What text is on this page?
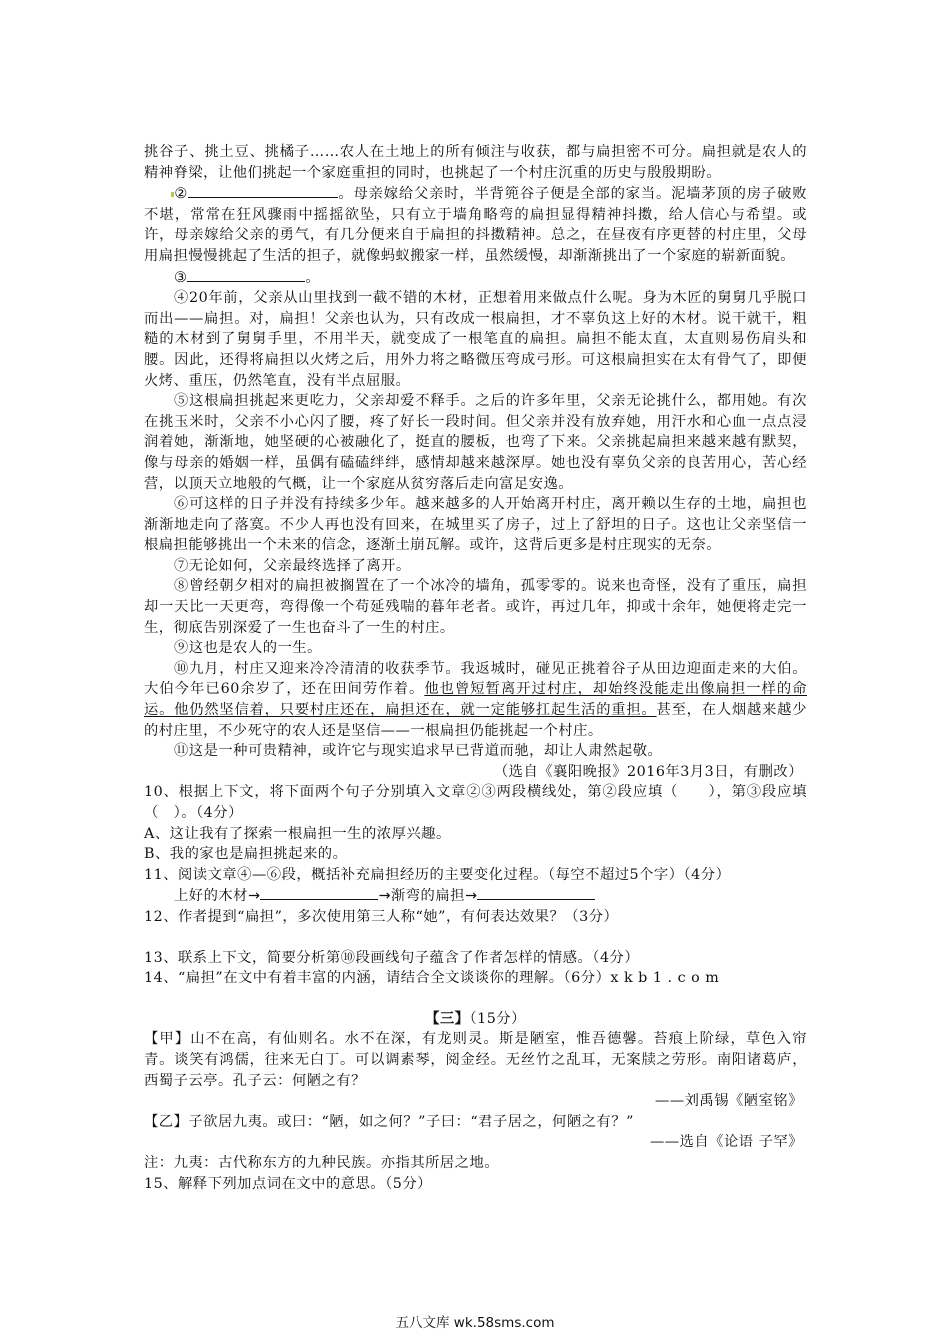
挑谷子、挑土豆、挑橘子……农人在土地上的所有倾注与收获，都与扁担密不可分。扁担就是农人的精神脊梁，让他们挑起一个家庭重担的同时，也挑起了一个村庄沉重的历史与殷殷期盼。

②	。母亲嫁给父亲时，半背篼谷子便是全部的家当。泥墙茅顶的房子破败不堪，常常在狂风骤雨中摇摇欲坠，只有立于墙角略弯的扁担显得精神抖擞，给人信心与希望。或许，母亲嫁给父亲的勇气，有几分便来自于扁担的抖擞精神。总之，在昼夜有序更替的村庄里，父母用扁担慢慢挑起了生活的担子，就像蚂蚁搬家一样，虽然缓慢，却渐渐挑出了一个家庭的崭新面貌。

③	。

④20年前，父亲从山里找到一截不错的木材，正想着用来做点什么呢。身为木匠的舅舅几乎脱口而出——扁担。对，扁担！父亲也认为，只有改成一根扁担，才不辜负这上好的木材。说干就干，粗糙的木材到了舅舅手里，不用半天，就变成了一根笔直的扁担。扁担不能太直，太直则易伤肩头和腰。因此，还得将扁担以火烤之后，用外力将之略微压弯成弓形。可这根扁担实在太有骨气了，即便火烤、重压，仍然笔直，没有半点屈服。

⑤这根扁担挑起来更吃力，父亲却爱不释手。之后的许多年里，父亲无论挑什么，都用她。有次在挑玉米时，父亲不小心闪了腰，疼了好长一段时间。但父亲并没有放弃她，用汗水和心血一点点浸润着她，渐渐地，她坚硬的心被融化了，挺直的腰板，也弯了下来。父亲挑起扁担来越来越有默契，像与母亲的婚姻一样，虽偶有磕磕绊绊，感情却越来越深厚。她也没有辜负父亲的良苦用心，苦心经营，以顶天立地般的气概，让一个家庭从贫穷落后走向富足安逸。

⑥可这样的日子并没有持续多少年。越来越多的人开始离开村庄，离开赖以生存的土地，扁担也渐渐地走向了落寞。不少人再也没有回来，在城里买了房子，过上了舒坦的日子。这也让父亲坚信一根扁担能够挑出一个未来的信念，逐渐土崩瓦解。或许，这背后更多是村庄现实的无奈。

⑦无论如何，父亲最终选择了离开。

⑧曾经朝夕相对的扁担被搁置在了一个冰冷的墙角，孤零零的。说来也奇怪，没有了重压，扁担却一天比一天更弯，弯得像一个苟延残喘的暮年老者。或许，再过几年，抑或十余年，她便将走完一生，彻底告别深爱了一生也奋斗了一生的村庄。

⑨这也是农人的一生。

⑩九月，村庄又迎来冷冷清清的收获季节。我返城时，碰见正挑着谷子从田边迎面走来的大伯。大伯今年已60余岁了，还在田间劳作着。他也曾短暂离开过村庄，却始终没能走出像扁担一样的命运。他仍然坚信着，只要村庄还在，扁担还在，就一定能够扛起生活的重担。甚至，在人烟越来越少的村庄里，不少死守的农人还是坚信——一根扁担仍能挑起一个村庄。

⑪这是一种可贵精神，或许它与现实追求早已背道而驰，却让人肃然起敬。

（选自《襄阳晚报》2016年3月3日，有删改）

10、根据上下文，将下面两个句子分别填入文章②③两段横线处，第②段应填（　　），第③段应填（　）。（4分）

A、这让我有了探索一根扁担一生的浓厚兴趣。

B、我的家也是扁担挑起来的。

11、阅读文章④—⑥段，概括补充扁担经历的主要变化过程。（每空不超过5个字）（4分）

上好的木材→	→渐弯的扁担→

12、作者提到“扁担”，多次使用第三人称“她”，有何表达效果？（3分）

13、联系上下文，简要分析第⑩段画线句子蕴含了作者怎样的情感。（4分）

14、“扁担”在文中有着丰富的内涵，请结合全文谈谈你的理解。（6分）x k b 1 . c o m

【三】（15分）

【甲】山不在高，有仙则名。水不在深，有龙则灵。斯是陋室，惟吾德馨。苔痕上阶绿，草色入帘青。谈笑有鸿儒，往来无白丁。可以调素琴，阅金经。无丝竹之乱耳，无案牍之劳形。南阳诸葛庐，西蜀子云亭。孔子云：何陋之有？

——刘禹锡《陋室铭》

【乙】子欲居九夷。或曰：“陋，如之何？”子曰：“君子居之，何陋之有？”

——选自《论语 子罕》

注：九夷：古代称东方的九种民族。亦指其所居之地。

15、解释下列加点词在文中的意思。（5分）

五八文库 wk.58sms.com
